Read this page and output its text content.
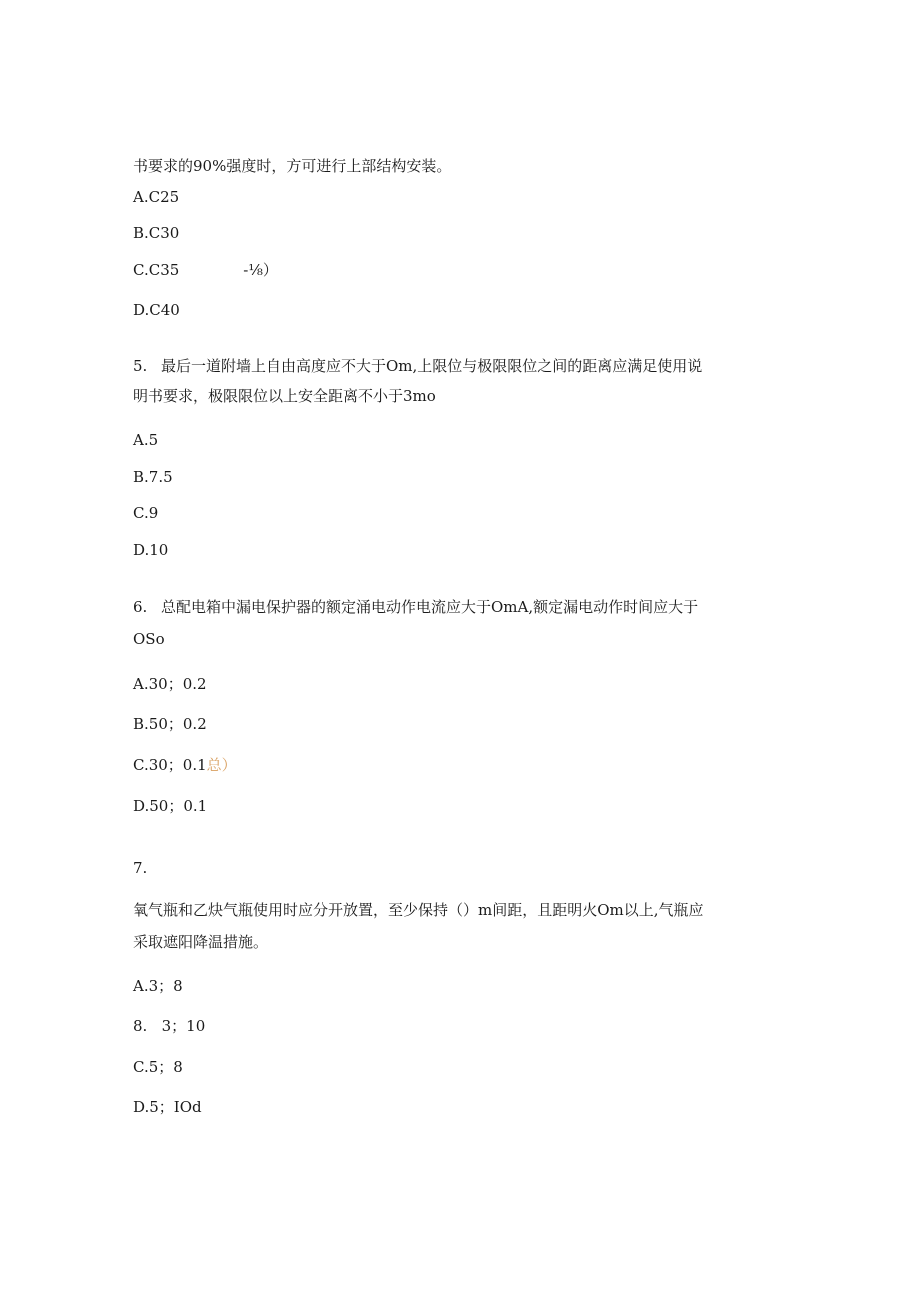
书要求的90%强度时，方可进行上部结构安装。
A.C25
B.C30
C.C35	-⅛）
D.C40
5. 最后一道附墙上自由高度应不大于Om,上限位与极限限位之间的距离应满足使用说
明书要求，极限限位以上安全距离不小于3mo
A.5
B.7.5
C.9
D.10
6. 总配电箱中漏电保护器的额定涌电动作电流应大于OmA,额定漏电动作时间应大于
OSo
A.30；0.2
B.50；0.2
C.30；0.1总）
D.50；0.1
7.
氧气瓶和乙炔气瓶使用时应分开放置，至少保持（）m间距，且距明火Om以上,气瓶应
采取遮阳降温措施。
A.3；8
8.   3；10
C.5；8
D.5；IOd
